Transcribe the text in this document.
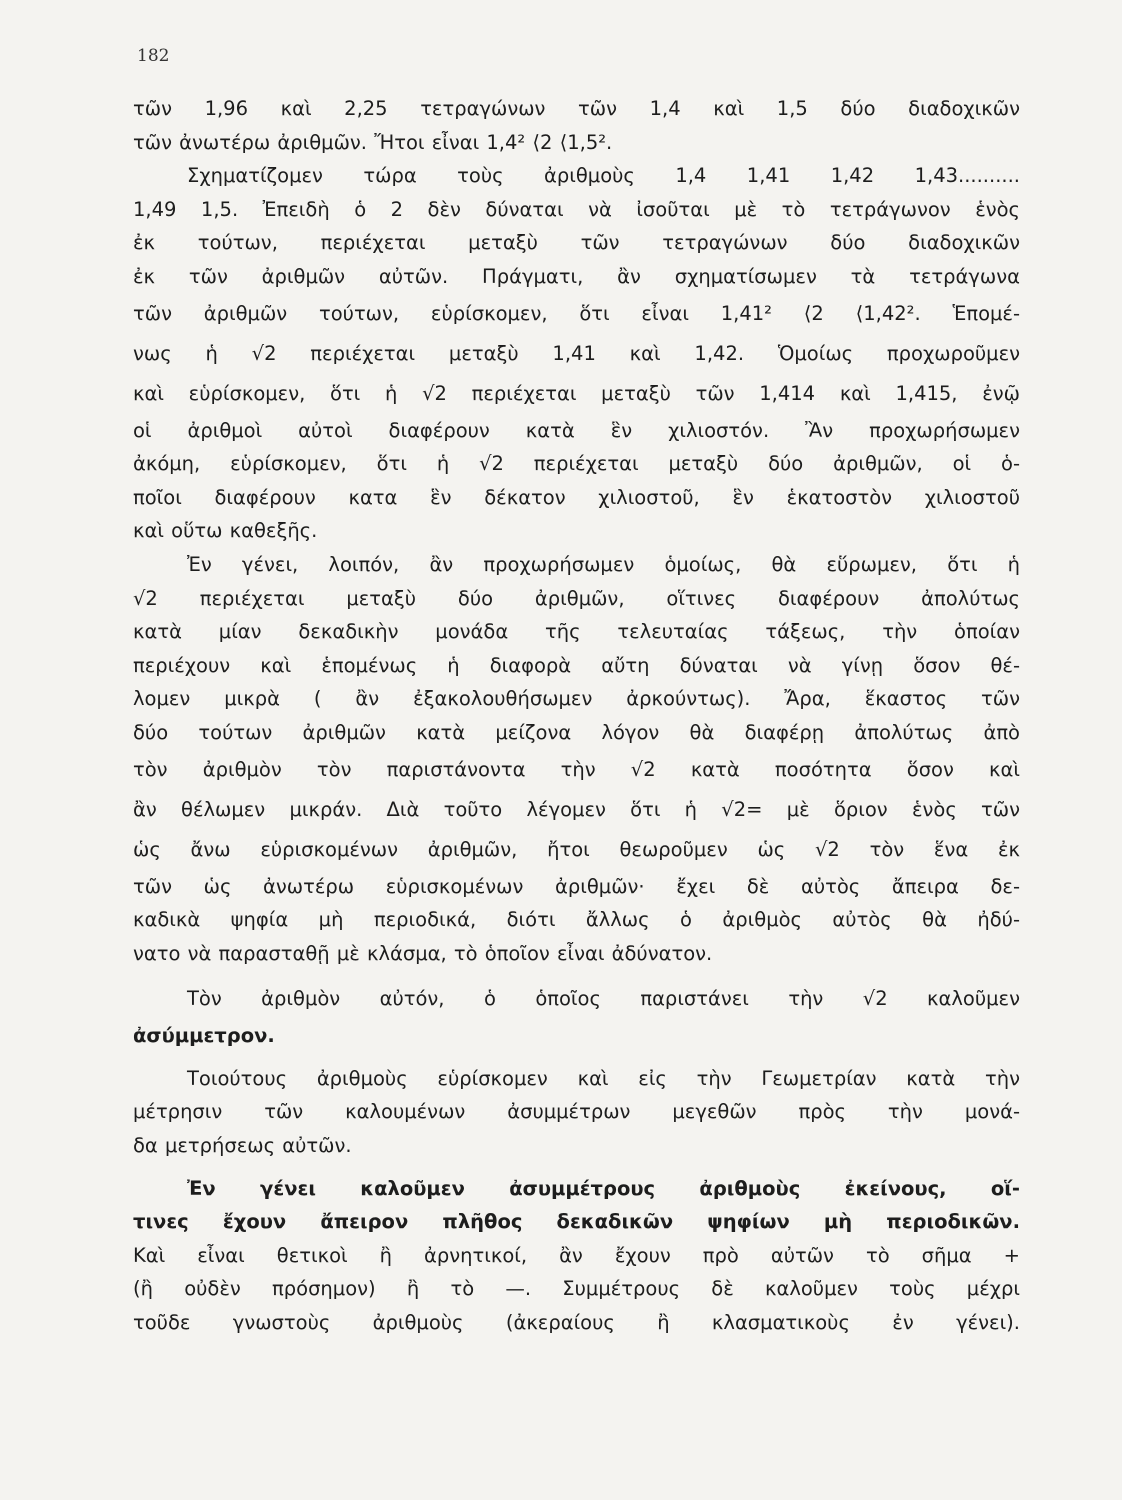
182
τῶν 1,96 καὶ 2,25 τετραγώνων τῶν 1,4 καὶ 1,5 δύο διαδοχικῶν
τῶν ἀνωτέρω ἀριθμῶν. Ἤτοι εἶναι 1,4² ⟨2 ⟨1,5².
Σχηματίζομεν τώρα τοὺς ἀριθμοὺς 1,4 1,41 1,42 1,43..........
1,49 1,5. Ἐπειδὴ ὁ 2 δὲν δύναται νὰ ἰσοῦται μὲ τὸ τετράγωνον ἑνὸς
ἐκ τούτων, περιέχεται μεταξὺ τῶν τετραγώνων δύο διαδοχικῶν
ἐκ τῶν ἀριθμῶν αὐτῶν. Πράγματι, ἂν σχηματίσωμεν τὰ τετράγωνα
τῶν ἀριθμῶν τούτων, εὑρίσκομεν, ὅτι εἶναι 1,41² ⟨2 ⟨1,42². Ἑπομέ-
νως ἡ √2 περιέχεται μεταξὺ 1,41 καὶ 1,42. Ὁμοίως προχωροῦμεν
καὶ εὑρίσκομεν, ὅτι ἡ √2 περιέχεται μεταξὺ τῶν 1,414 καὶ 1,415, ἐνῷ
οἱ ἀριθμοὶ αὐτοὶ διαφέρουν κατὰ ἓν χιλιοστόν. Ἂν προχωρήσωμεν
ἀκόμη, εὑρίσκομεν, ὅτι ἡ √2 περιέχεται μεταξὺ δύο ἀριθμῶν, οἱ ὁ-
ποῖοι διαφέρουν κατα ἓν δέκατον χιλιοστοῦ, ἓν ἑκατοστὸν χιλιοστοῦ
καὶ οὕτω καθεξῆς.
Ἐν γένει, λοιπόν, ἂν προχωρήσωμεν ὁμοίως, θὰ εὕρωμεν, ὅτι ἡ
√2 περιέχεται μεταξὺ δύο ἀριθμῶν, οἵτινες διαφέρουν ἀπολύτως
κατὰ μίαν δεκαδικὴν μονάδα τῆς τελευταίας τάξεως, τὴν ὁποίαν
περιέχουν καὶ ἑπομένως ἡ διαφορὰ αὔτη δύναται νὰ γίνῃ ὅσον θέ-
λομεν μικρὰ ( ἂν ἐξακολουθήσωμεν ἀρκούντως). Ἄρα, ἕκαστος τῶν
δύο τούτων ἀριθμῶν κατὰ μείζονα λόγον θὰ διαφέρῃ ἀπολύτως ἀπὸ
τὸν ἀριθμὸν τὸν παριστάνοντα τὴν √2 κατὰ ποσότητα ὅσον καὶ
ἂν θέλωμεν μικράν. Διὰ τοῦτο λέγομεν ὅτι ἡ √2= μὲ ὅριον ἑνὸς τῶν
ὡς ἄνω εὑρισκομένων ἀριθμῶν, ἤτοι θεωροῦμεν ὡς √2 τὸν ἕνα ἐκ
τῶν ὡς ἀνωτέρω εὑρισκομένων ἀριθμῶν· ἔχει δὲ αὐτὸς ἄπειρα δε-
καδικὰ ψηφία μὴ περιοδικά, διότι ἄλλως ὁ ἀριθμὸς αὐτὸς θὰ ἠδύ-
νατο νὰ παρασταθῇ μὲ κλάσμα, τὸ ὁποῖον εἶναι ἀδύνατον.
Τὸν ἀριθμὸν αὐτόν, ὁ ὁποῖος παριστάνει τὴν √2 καλοῦμεν
ἀσύμμετρον.
Τοιούτους ἀριθμοὺς εὑρίσκομεν καὶ εἰς τὴν Γεωμετρίαν κατὰ τὴν
μέτρησιν τῶν καλουμένων ἀσυμμέτρων μεγεθῶν πρὸς τὴν μονά-
δα μετρήσεως αὐτῶν.
Ἐν γένει καλοῦμεν ἀσυμμέτρους ἀριθμοὺς ἐκείνους, οἵ-
τινες ἔχουν ἄπειρον πλῆθος δεκαδικῶν ψηφίων μὴ περιοδικῶν.
Καὶ εἶναι θετικοὶ ἢ ἀρνητικοί, ἂν ἔχουν πρὸ αὐτῶν τὸ σῆμα +
(ἢ οὐδὲν πρόσημον) ἢ τὸ —. Συμμέτρους δὲ καλοῦμεν τοὺς μέχρι
τοῦδε γνωστοὺς ἀριθμοὺς (ἀκεραίους ἢ κλασματικοὺς ἐν γένει).
